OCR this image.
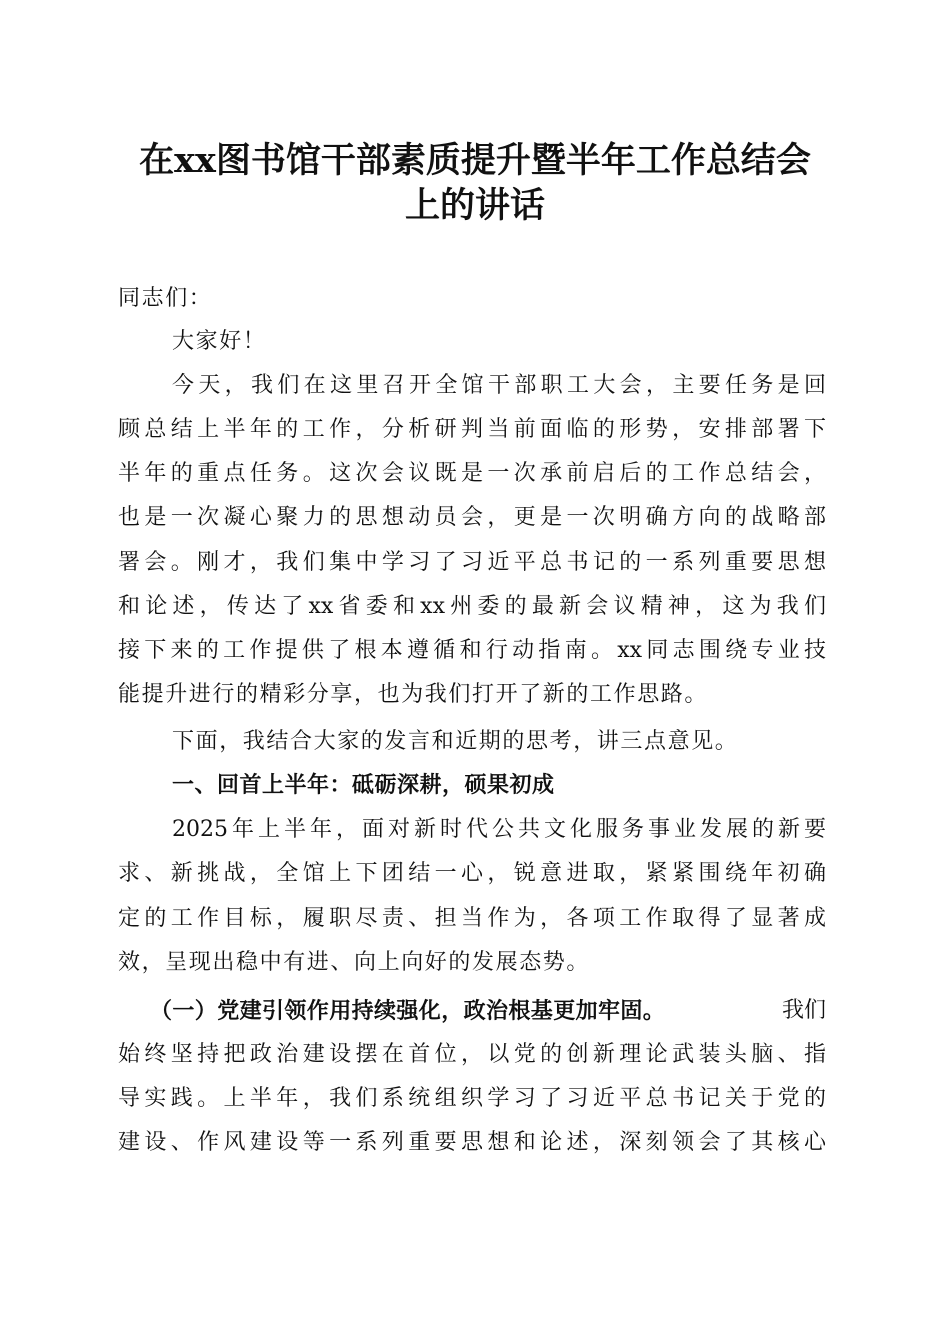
在xx图书馆干部素质提升暨半年工作总结会
上的讲话
同志们：
大家好！
今天，我们在这里召开全馆干部职工大会，主要任务是回
顾总结上半年的工作，分析研判当前面临的形势，安排部署下
半年的重点任务。这次会议既是一次承前启后的工作总结会，
也是一次凝心聚力的思想动员会，更是一次明确方向的战略部
署会。刚才，我们集中学习了习近平总书记的一系列重要思想
和论述，传达了xx省委和xx州委的最新会议精神，这为我们
接下来的工作提供了根本遵循和行动指南。xx同志围绕专业技
能提升进行的精彩分享，也为我们打开了新的工作思路。
下面，我结合大家的发言和近期的思考，讲三点意见。
一、回首上半年：砥砺深耕，硕果初成
2025年上半年，面对新时代公共文化服务事业发展的新要
求、新挑战，全馆上下团结一心，锐意进取，紧紧围绕年初确
定的工作目标，履职尽责、担当作为，各项工作取得了显著成
效，呈现出稳中有进、向上向好的发展态势。
（一）党建引领作用持续强化，政治根基更加牢固。	我们
始终坚持把政治建设摆在首位，以党的创新理论武装头脑、指
导实践。上半年，我们系统组织学习了习近平总书记关于党的
建设、作风建设等一系列重要思想和论述，深刻领会了其核心
